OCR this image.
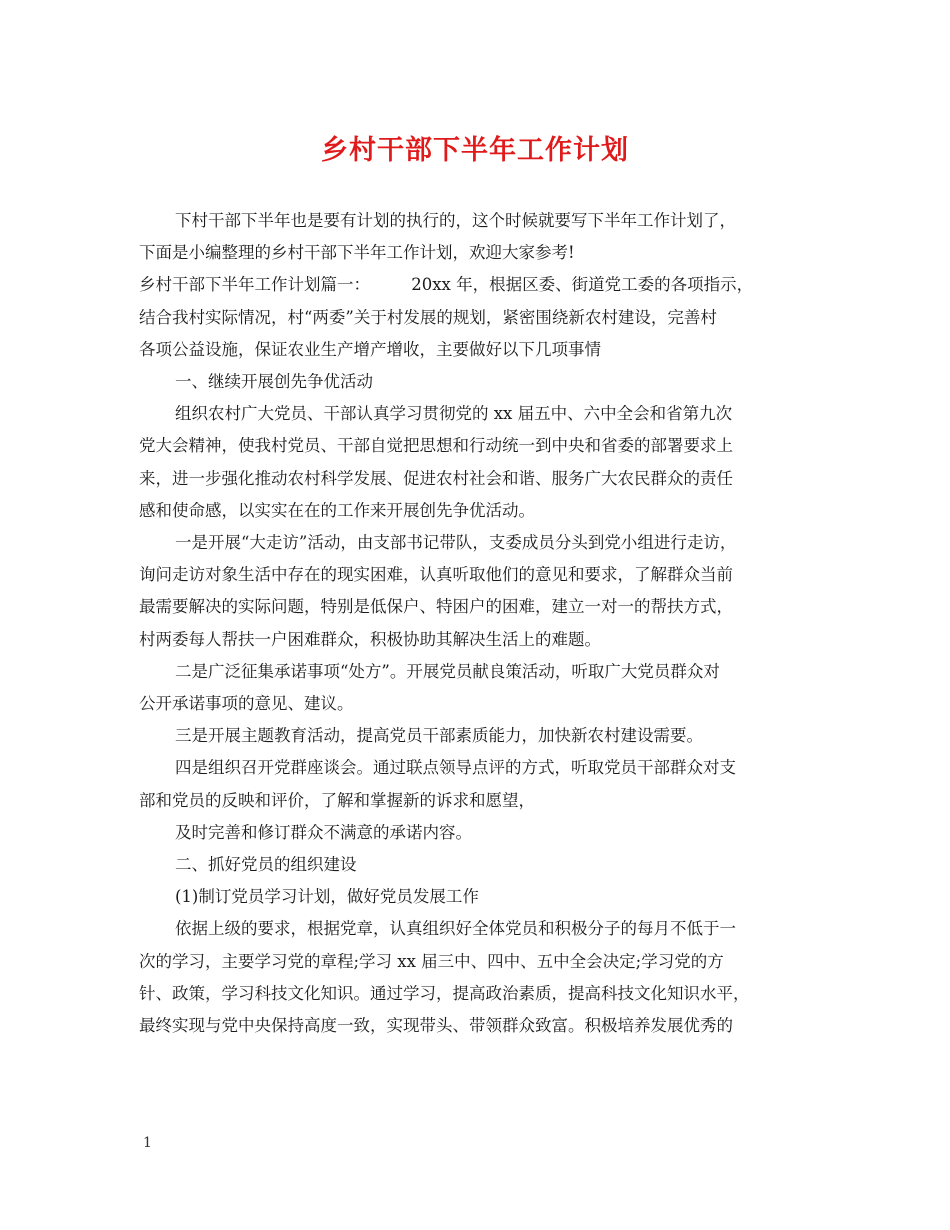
乡村干部下半年工作计划

下村干部下半年也是要有计划的执行的，这个时候就要写下半年工作计划了，

下面是小编整理的乡村干部下半年工作计划，欢迎大家参考!

乡村干部下半年工作计划篇一：　　　20xx 年，根据区委、街道党工委的各项指示，

结合我村实际情况，村“两委”关于村发展的规划，紧密围绕新农村建设，完善村

各项公益设施，保证农业生产增产增收，主要做好以下几项事情

一、继续开展创先争优活动

组织农村广大党员、干部认真学习贯彻党的 xx 届五中、六中全会和省第九次

党大会精神，使我村党员、干部自觉把思想和行动统一到中央和省委的部署要求上

来，进一步强化推动农村科学发展、促进农村社会和谐、服务广大农民群众的责任

感和使命感，以实实在在的工作来开展创先争优活动。

一是开展“大走访”活动，由支部书记带队，支委成员分头到党小组进行走访，

询问走访对象生活中存在的现实困难，认真听取他们的意见和要求，了解群众当前

最需要解决的实际问题，特别是低保户、特困户的困难，建立一对一的帮扶方式，

村两委每人帮扶一户困难群众，积极协助其解决生活上的难题。

二是广泛征集承诺事项“处方”。开展党员献良策活动，听取广大党员群众对

公开承诺事项的意见、建议。

三是开展主题教育活动，提高党员干部素质能力，加快新农村建设需要。

四是组织召开党群座谈会。通过联点领导点评的方式，听取党员干部群众对支

部和党员的反映和评价，了解和掌握新的诉求和愿望，

及时完善和修订群众不满意的承诺内容。

二、抓好党员的组织建设

(1)制订党员学习计划，做好党员发展工作

依据上级的要求，根据党章，认真组织好全体党员和积极分子的每月不低于一

次的学习，主要学习党的章程;学习 xx 届三中、四中、五中全会决定;学习党的方

针、政策，学习科技文化知识。通过学习，提高政治素质，提高科技文化知识水平，

最终实现与党中央保持高度一致，实现带头、带领群众致富。积极培养发展优秀的

1
